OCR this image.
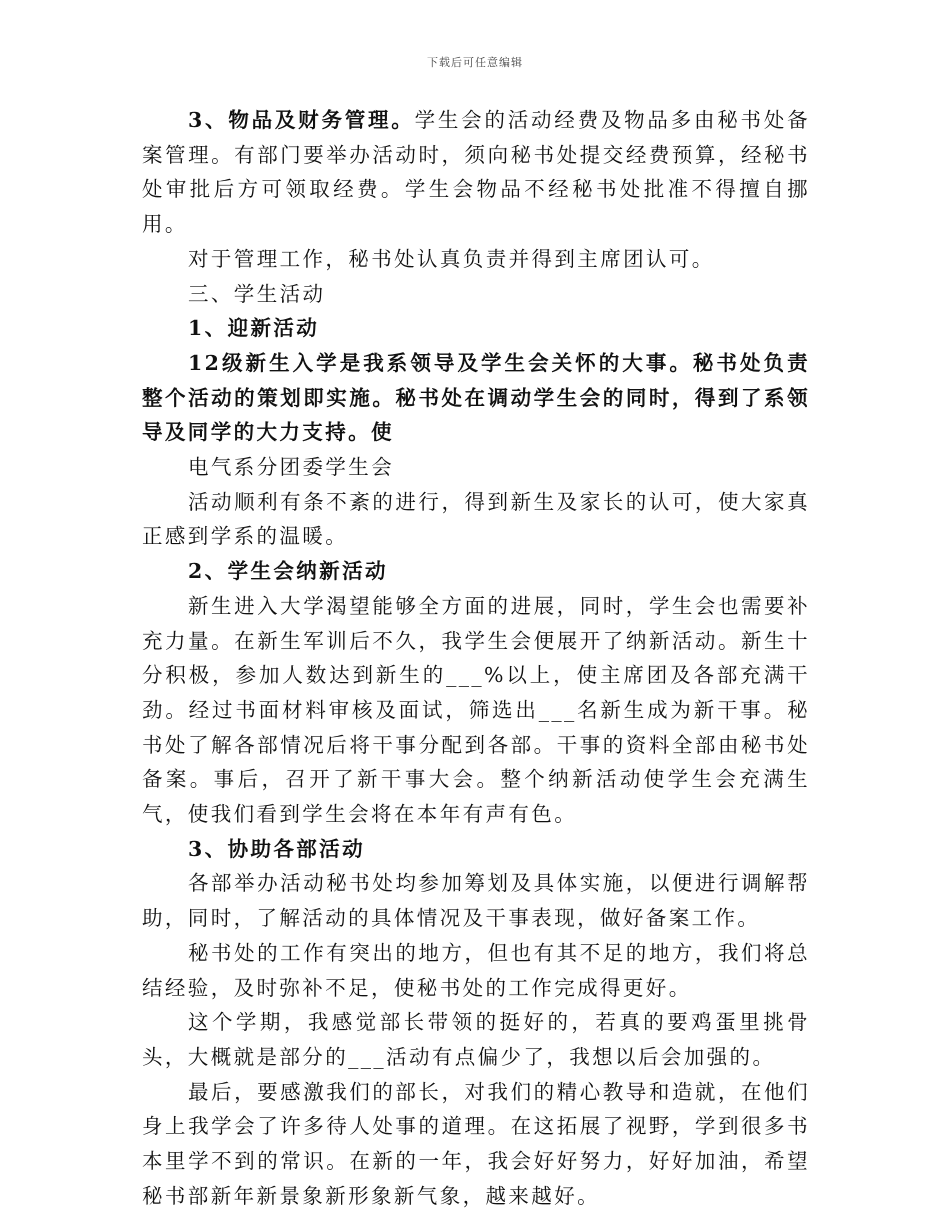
下载后可任意编辑

3、物品及财务管理。学生会的活动经费及物品多由秘书处备案管理。有部门要举办活动时，须向秘书处提交经费预算，经秘书处审批后方可领取经费。学生会物品不经秘书处批准不得擅自挪用。

对于管理工作，秘书处认真负责并得到主席团认可。

三、学生活动

1、迎新活动

12级新生入学是我系领导及学生会关怀的大事。秘书处负责整个活动的策划即实施。秘书处在调动学生会的同时，得到了系领导及同学的大力支持。使

电气系分团委学生会

活动顺利有条不紊的进行，得到新生及家长的认可，使大家真正感到学系的温暖。

2、学生会纳新活动

新生进入大学渴望能够全方面的进展，同时，学生会也需要补充力量。在新生军训后不久，我学生会便展开了纳新活动。新生十分积极，参加人数达到新生的___%以上，使主席团及各部充满干劲。经过书面材料审核及面试，筛选出___名新生成为新干事。秘书处了解各部情况后将干事分配到各部。干事的资料全部由秘书处备案。事后，召开了新干事大会。整个纳新活动使学生会充满生气，使我们看到学生会将在本年有声有色。

3、协助各部活动

各部举办活动秘书处均参加筹划及具体实施，以便进行调解帮助，同时，了解活动的具体情况及干事表现，做好备案工作。

秘书处的工作有突出的地方，但也有其不足的地方，我们将总结经验，及时弥补不足，使秘书处的工作完成得更好。

这个学期，我感觉部长带领的挺好的，若真的要鸡蛋里挑骨头，大概就是部分的___活动有点偏少了，我想以后会加强的。

最后，要感激我们的部长，对我们的精心教导和造就，在他们身上我学会了许多待人处事的道理。在这拓展了视野，学到很多书本里学不到的常识。在新的一年，我会好好努力，好好加油，希望秘书部新年新景象新形象新气象，越来越好。
